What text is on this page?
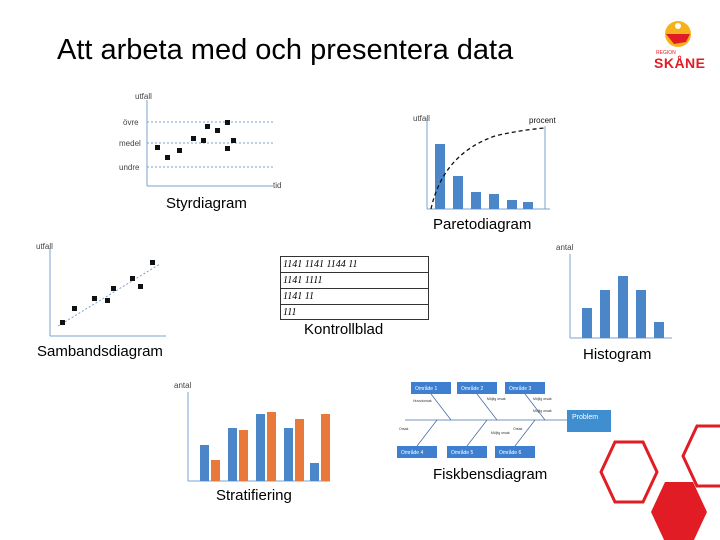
Att arbeta med och presentera data	REGION
SKÅNE
utfall
tid
övre
medel
undre
Styrdiagram
utfall	procent
Paretodiagram
1141 1141 1144 11
1141 1111
1141 11
111
Kontrollblad
utfall
Sambandsdiagram
antal
Histogram
antal
Stratifiering
Område 1	Område 2	Område 3
Område 4	Område 5	Område 6
Problem
Huvudorsak	Möjlig orsak	Möjlig orsak
Möjlig orsak
Orsak
Möjlig orsak
Orsak
Fiskbensdiagram
